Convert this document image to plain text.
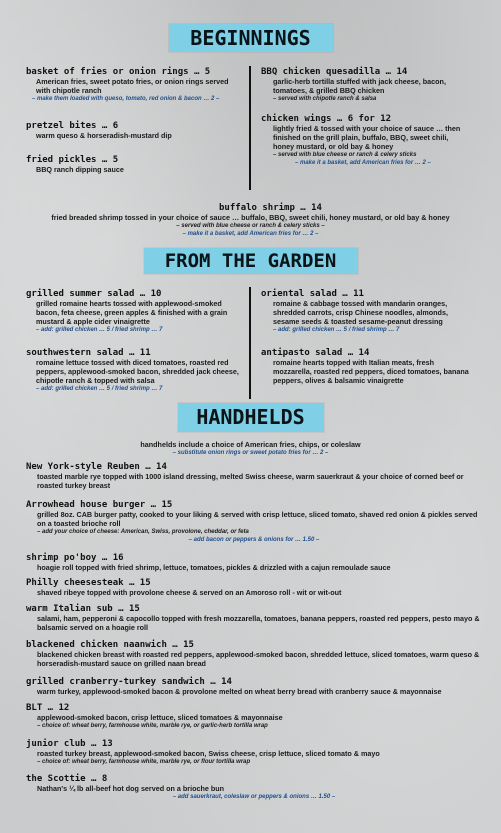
BEGINNINGS
FROM THE GARDEN
HANDHELDS
basket of fries or onion rings … 5
American fries, sweet potato fries, or onion rings served with chipotle ranch
– make them loaded with queso, tomato, red onion & bacon … 2 –
pretzel bites … 6
warm queso & horseradish-mustard dip
fried pickles … 5
BBQ ranch dipping sauce
BBQ chicken quesadilla … 14
garlic-herb tortilla stuffed with jack cheese, bacon, tomatoes, & grilled BBQ chicken
– served with chipotle ranch & salsa
chicken wings … 6 for 12
lightly fried & tossed with your choice of sauce … then finished on the grill plain, buffalo, BBQ, sweet chili, honey mustard, or old bay & honey
– served with blue cheese or ranch & celery sticks
– make it a basket, add American fries for … 2 –
buffalo shrimp … 14
fried breaded shrimp tossed in your choice of sauce … buffalo, BBQ, sweet chili, honey mustard, or old bay & honey
– served with blue cheese or ranch & celery sticks –
– make it a basket, add American fries for … 2 –
grilled summer salad … 10
grilled romaine hearts tossed with applewood-smoked bacon, feta cheese, green apples & finished with a grain mustard & apple cider vinaigrette
– add: grilled chicken … 5 / fried shrimp … 7
southwestern salad … 11
romaine lettuce tossed with diced tomatoes, roasted red peppers, applewood-smoked bacon, shredded jack cheese, chipotle ranch & topped with salsa
– add: grilled chicken … 5 / fried shrimp … 7
oriental salad … 11
romaine & cabbage tossed with mandarin oranges, shredded carrots, crisp Chinese noodles, almonds, sesame seeds & toasted sesame-peanut dressing
– add: grilled chicken … 5 / fried shrimp … 7
antipasto salad … 14
romaine hearts topped with Italian meats, fresh mozzarella, roasted red peppers, diced tomatoes, banana peppers, olives & balsamic vinaigrette
handhelds include a choice of American fries, chips, or coleslaw
– substitute onion rings or sweet potato fries for … 2 –
New York-style Reuben … 14
toasted marble rye topped with 1000 island dressing, melted Swiss cheese, warm sauerkraut & your choice of corned beef or roasted turkey breast
Arrowhead house burger … 15
grilled 8oz. CAB burger patty, cooked to your liking & served with crisp lettuce, sliced tomato, shaved red onion & pickles served on a toasted brioche roll
– add your choice of cheese: American, Swiss, provolone, cheddar, or feta
– add bacon or peppers & onions for … 1.50 –
shrimp po'boy … 16
hoagie roll topped with fried shrimp, lettuce, tomatoes, pickles & drizzled with a cajun remoulade sauce
Philly cheesesteak … 15
shaved ribeye topped with provolone cheese & served on an Amoroso roll - wit or wit-out
warm Italian sub … 15
salami, ham, pepperoni & capocollo topped with fresh mozzarella, tomatoes, banana peppers, roasted red peppers, pesto mayo & balsamic served on a hoagie roll
blackened chicken naanwich … 15
blackened chicken breast with roasted red peppers, applewood-smoked bacon, shredded lettuce, sliced tomatoes, warm queso & horseradish-mustard sauce on grilled naan bread
grilled cranberry-turkey sandwich … 14
warm turkey, applewood-smoked bacon & provolone melted on wheat berry bread with cranberry sauce & mayonnaise
BLT … 12
applewood-smoked bacon, crisp lettuce, sliced tomatoes & mayonnaise
– choice of: wheat berry, farmhouse white, marble rye, or garlic-herb tortilla wrap
junior club … 13
roasted turkey breast, applewood-smoked bacon, Swiss cheese, crisp lettuce, sliced tomato & mayo
– choice of: wheat berry, farmhouse white, marble rye, or flour tortilla wrap
the Scottie … 8
Nathan's ¼ lb all-beef hot dog served on a brioche bun
– add sauerkraut, coleslaw or peppers & onions … 1.50 –
